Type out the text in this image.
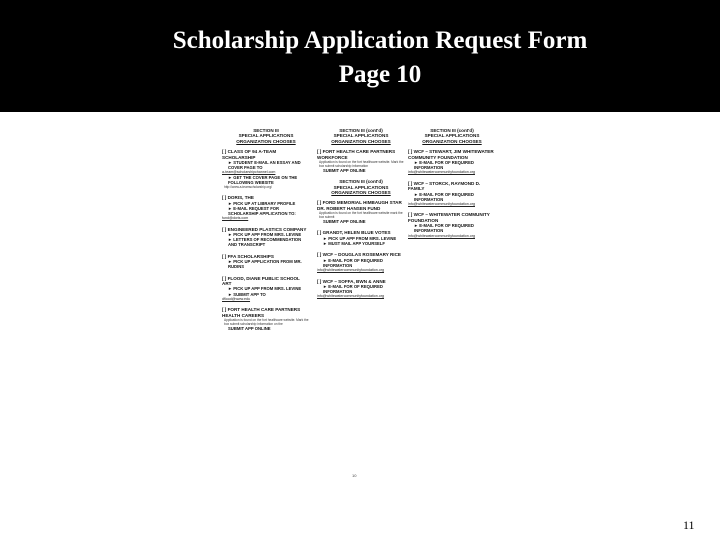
Scholarship Application Request Form
Page 10
SECTION III
SPECIAL APPLICATIONS
ORGANIZATION CHOOSES
[ ] CLASS OF 94 A-TEAM SCHOLARSHIP
► STUDENT E-MAIL AN ESSAY AND COVER PAGE TO
a-team@scholarshipchannel.com
► GET THE COVER PAGE ON THE FOLLOWING WEBSITE
http://www.a-teamscholarship.org/
[ ] DORIS, THE
► PICK UP AT LIBRARY PROFILE
► E-MAIL REQUEST FOR SCHOLARSHIP APPLICATION TO:
fund@doris.com
[ ] ENGINEERED PLASTICS COMPANY
► PICK UP APP FROM MRS. LEVINE
► LETTERS OF RECOMMENDATION AND TRANSCRIPT
[ ] FFA SCHOLARSHIPS
► PICK UP APPLICATION FROM MR. RUDINS
[ ] FLOOD, DIANE PUBLIC SCHOOL ART
► PICK UP APP FROM MRS. LEVINE
► SUBMIT APP TO
dflood@www.edu
[ ] FORT HEALTH CARE PARTNERS HEALTH CAREERS
Application is found on the fort healthcare website. Mark the box submit scholarship information on the
SUBMIT APP ONLINE
SECTION III (cont'd)
SPECIAL APPLICATIONS
ORGANIZATION CHOOSES
[ ] FORT HEALTH CARE PARTNERS WORKFORCE
Application is found on the fort healthcare website. Mark the box submit scholarship information
SUBMIT APP ONLINE
SECTION III (cont'd)
SPECIAL APPLICATIONS
ORGANIZATION CHOOSES
[ ] FORD MEMORIAL HIMBAUGH STAR DR. ROBERT HANSEN FUND
Application is found on the fort healthcare website mark the box submit
SUBMIT APP ONLINE
[ ] GRANDT, HELEN BLUE VOTES
► PICK UP APP FROM MRS. LEVINE
► MUST MAIL APP YOURSELF
[ ] WCF – DOUGLAS ROSEMARY RICE
► E-MAIL FOR OF REQUIRED INFORMATION
info@whitewatercommunityfoundation.org
[ ] WCF – SOFFA, BWN & ANNE
► E-MAIL FOR OF REQUIRED INFORMATION
info@whitewatercommunityfoundation.org
SECTION III (cont'd)
SPECIAL APPLICATIONS
ORGANIZATION CHOOSES
[ ] WCF – STEWART, JIM WHITEWATER COMMUNITY FOUNDATION
► E-MAIL FOR OF REQUIRED INFORMATION
info@whitewatercommunityfoundation.org
[ ] WCF – STORCK, RAYMOND D. FAMILY
► E-MAIL FOR OF REQUIRED INFORMATION
info@whitewatercommunityfoundation.org
[ ] WCF – WHITEWATER COMMUNITY FOUNDATION
► E-MAIL FOR OF REQUIRED INFORMATION
info@whitewatercommunityfoundation.org
10
11
